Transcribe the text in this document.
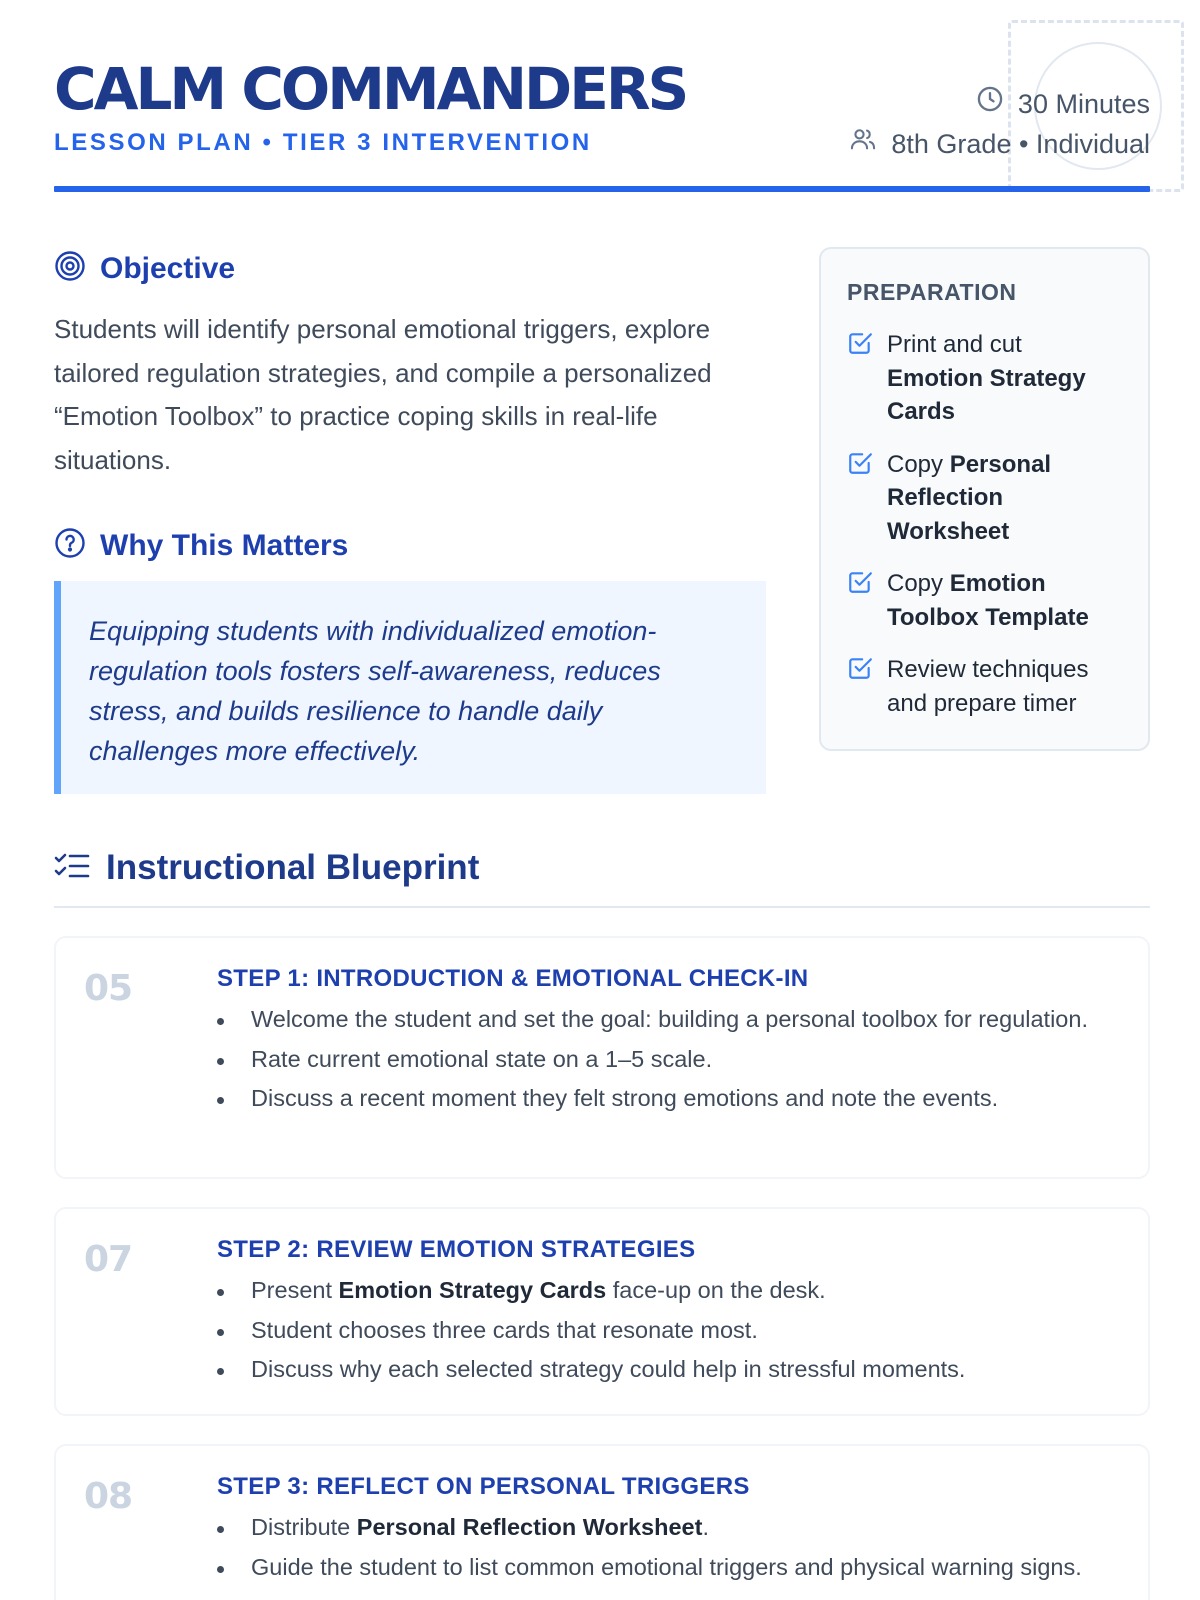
CALM COMMANDERS
LESSON PLAN • TIER 3 INTERVENTION
30 Minutes
8th Grade • Individual
Objective

Students will identify personal emotional triggers, explore tailored regulation strategies, and compile a personalized “Emotion Toolbox” to practice coping skills in real-life situations.

Why This Matters

Equipping students with individualized emotion-regulation tools fosters self-awareness, reduces stress, and builds resilience to handle daily challenges more effectively.

PREPARATION
Print and cut Emotion Strategy Cards
Copy Personal Reflection Worksheet
Copy Emotion Toolbox Template
Review techniques and prepare timer
Instructional Blueprint
05	STEP 1: INTRODUCTION & EMOTIONAL CHECK-IN
Welcome the student and set the goal: building a personal toolbox for regulation.
Rate current emotional state on a 1–5 scale.
Discuss a recent moment they felt strong emotions and note the events.
07	STEP 2: REVIEW EMOTION STRATEGIES
Present Emotion Strategy Cards face-up on the desk.
Student chooses three cards that resonate most.
Discuss why each selected strategy could help in stressful moments.
08	STEP 3: REFLECT ON PERSONAL TRIGGERS
Distribute Personal Reflection Worksheet.
Guide the student to list common emotional triggers and physical warning signs.
